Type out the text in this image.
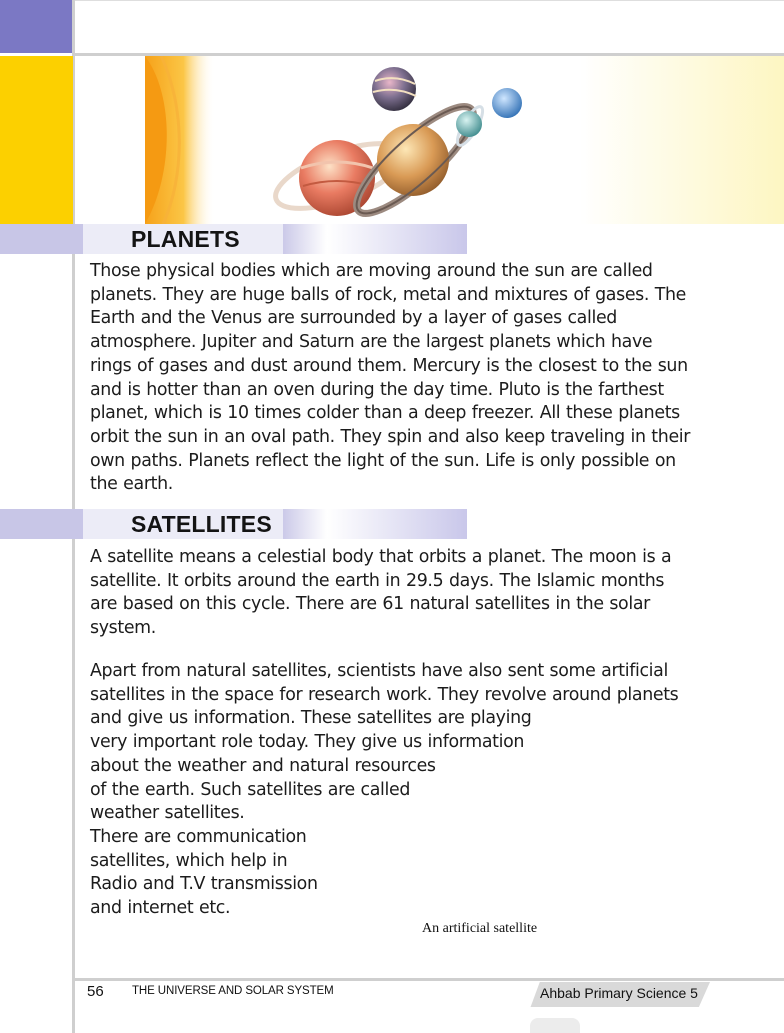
PLANETS

Those physical bodies which are moving around the sun are called
planets. They are huge balls of rock, metal and mixtures of gases. The
Earth and the Venus are surrounded by a layer of gases called
atmosphere. Jupiter and Saturn are the largest planets which have
rings of gases and dust around them. Mercury is the closest to the sun
and is hotter than an oven during the day time. Pluto is the farthest
planet, which is 10 times colder than a deep freezer. All these planets
orbit the sun in an oval path. They spin and also keep traveling in their
own paths. Planets reflect the light of the sun. Life is only possible on
the earth.

SATELLITES

A satellite means a celestial body that orbits a planet. The moon is a
satellite. It orbits around the earth in 29.5 days. The Islamic months
are based on this cycle. There are 61 natural satellites in the solar
system.

Apart from natural satellites, scientists have also sent some artificial
satellites in the space for research work. They revolve around planets
and give us information. These satellites are playing
very important role today. They give us information
about the weather and natural resources
of the earth. Such satellites are called
weather satellites.
There are communication
satellites, which help in
Radio and T.V transmission
and internet etc.

An artificial satellite
56 THE UNIVERSE AND SOLAR SYSTEM	Ahbab Primary Science 5
